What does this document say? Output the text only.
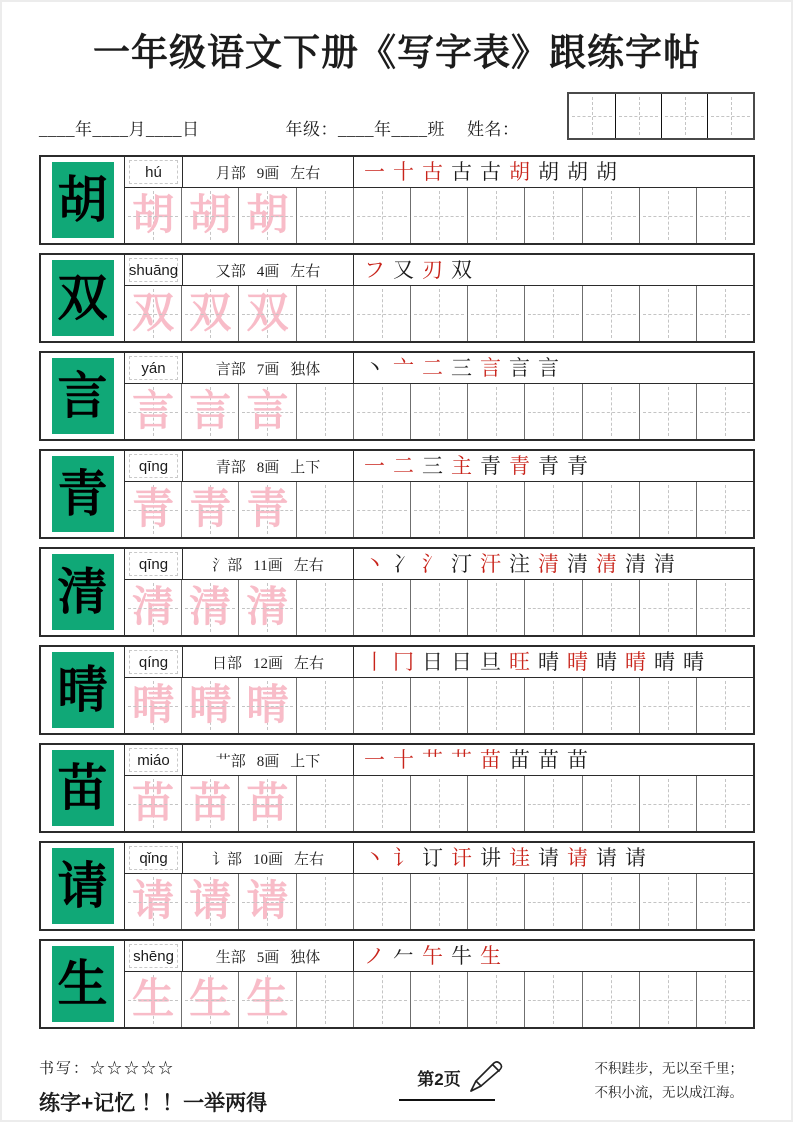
一年级语文下册《写字表》跟练字帖
____年____月____日	年级：____年____班 姓名：
胡	hú	月部 9画 左右 一 十 古 古 古 胡 胡 胡 胡
胡 胡 胡
双 shuāng	又部 4画 左右 フ 又 刃 双
双 双 双
言 yán	言部 7画 独体 丶 亠 二 三 言 言 言
言 言 言
青 qīng	青部 8画 上下 一 二 三 主 青 青 青 青
青 青 青
清 qīng	氵部 11画 左右 丶 冫 氵 汀 汗 注 清 清 清 清 清
清 清 清
晴 qíng	日部 12画 左右 丨 冂 日 日 旦 旺 晴 晴 晴 晴 晴 晴
晴 晴 晴
苗 miáo	艹部 8画 上下 一 十 艹 艹 苗 苗 苗 苗
苗 苗 苗
请 qǐng	讠部 10画 左右 丶 讠 订 讦 讲 诖 请 请 请 请
请 请 请
生 shēng	生部 5画 独体 ノ 𠂉 午 牛 生
生 生 生
书写：☆☆☆☆☆
练字+记忆 ！！一举两得
第2页
不积跬步，无以至千里；
不积小流，无以成江海。
